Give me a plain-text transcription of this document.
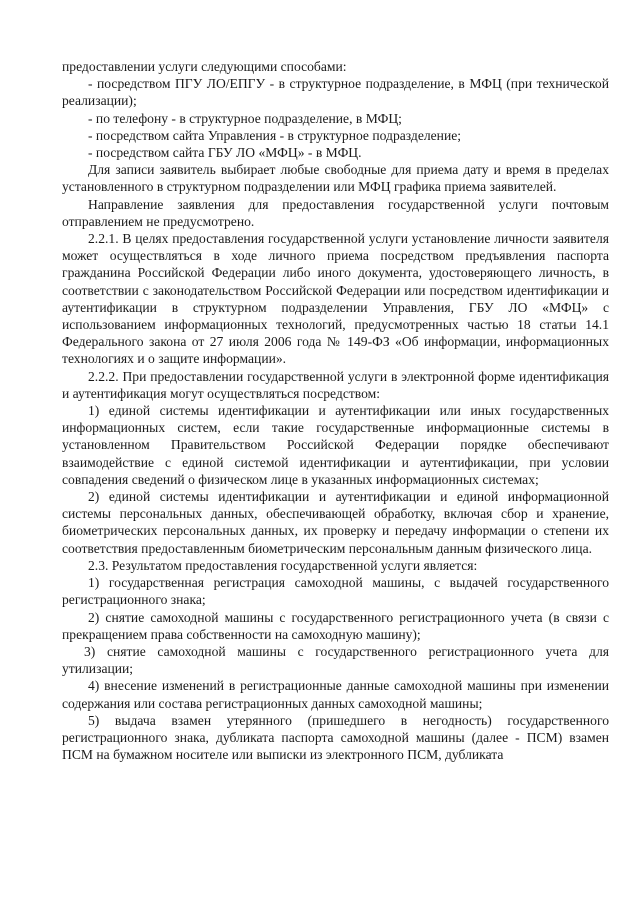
предоставлении услуги следующими способами:

- посредством ПГУ ЛО/ЕПГУ - в структурное подразделение, в МФЦ (при технической реализации);

- по телефону - в структурное подразделение, в МФЦ;

- посредством сайта Управления - в структурное подразделение;

- посредством сайта ГБУ ЛО «МФЦ» - в МФЦ.

Для записи заявитель выбирает любые свободные для приема дату и время в пределах установленного в структурном подразделении или МФЦ графика приема заявителей.

Направление заявления для предоставления государственной услуги почтовым отправлением не предусмотрено.

2.2.1. В целях предоставления государственной услуги установление личности заявителя может осуществляться в ходе личного приема посредством предъявления паспорта гражданина Российской Федерации либо иного документа, удостоверяющего личность, в соответствии с законодательством Российской Федерации или посредством идентификации и аутентификации в структурном подразделении Управления, ГБУ ЛО «МФЦ» с использованием информационных технологий, предусмотренных частью 18 статьи 14.1 Федерального закона от 27 июля 2006 года № 149-ФЗ «Об информации, информационных технологиях и о защите информации».

2.2.2. При предоставлении государственной услуги в электронной форме идентификация и аутентификация могут осуществляться посредством:

1) единой системы идентификации и аутентификации или иных государственных информационных систем, если такие государственные информационные системы в установленном Правительством Российской Федерации порядке обеспечивают взаимодействие с единой системой идентификации и аутентификации, при условии совпадения сведений о физическом лице в указанных информационных системах;

2) единой системы идентификации и аутентификации и единой информационной системы персональных данных, обеспечивающей обработку, включая сбор и хранение, биометрических персональных данных, их проверку и передачу информации о степени их соответствия предоставленным биометрическим персональным данным физического лица.

2.3. Результатом предоставления государственной услуги является:

1) государственная регистрация самоходной машины, с выдачей государственного регистрационного знака;

2) снятие самоходной машины с государственного регистрационного учета (в связи с прекращением права собственности на самоходную машину);

3) снятие самоходной машины с государственного регистрационного учета для утилизации;

4) внесение изменений в регистрационные данные самоходной машины при изменении содержания или состава регистрационных данных самоходной машины;

5) выдача взамен утерянного (пришедшего в негодность) государственного регистрационного знака, дубликата паспорта самоходной машины (далее - ПСМ) взамен ПСМ на бумажном носителе или выписки из электронного ПСМ, дубликата
